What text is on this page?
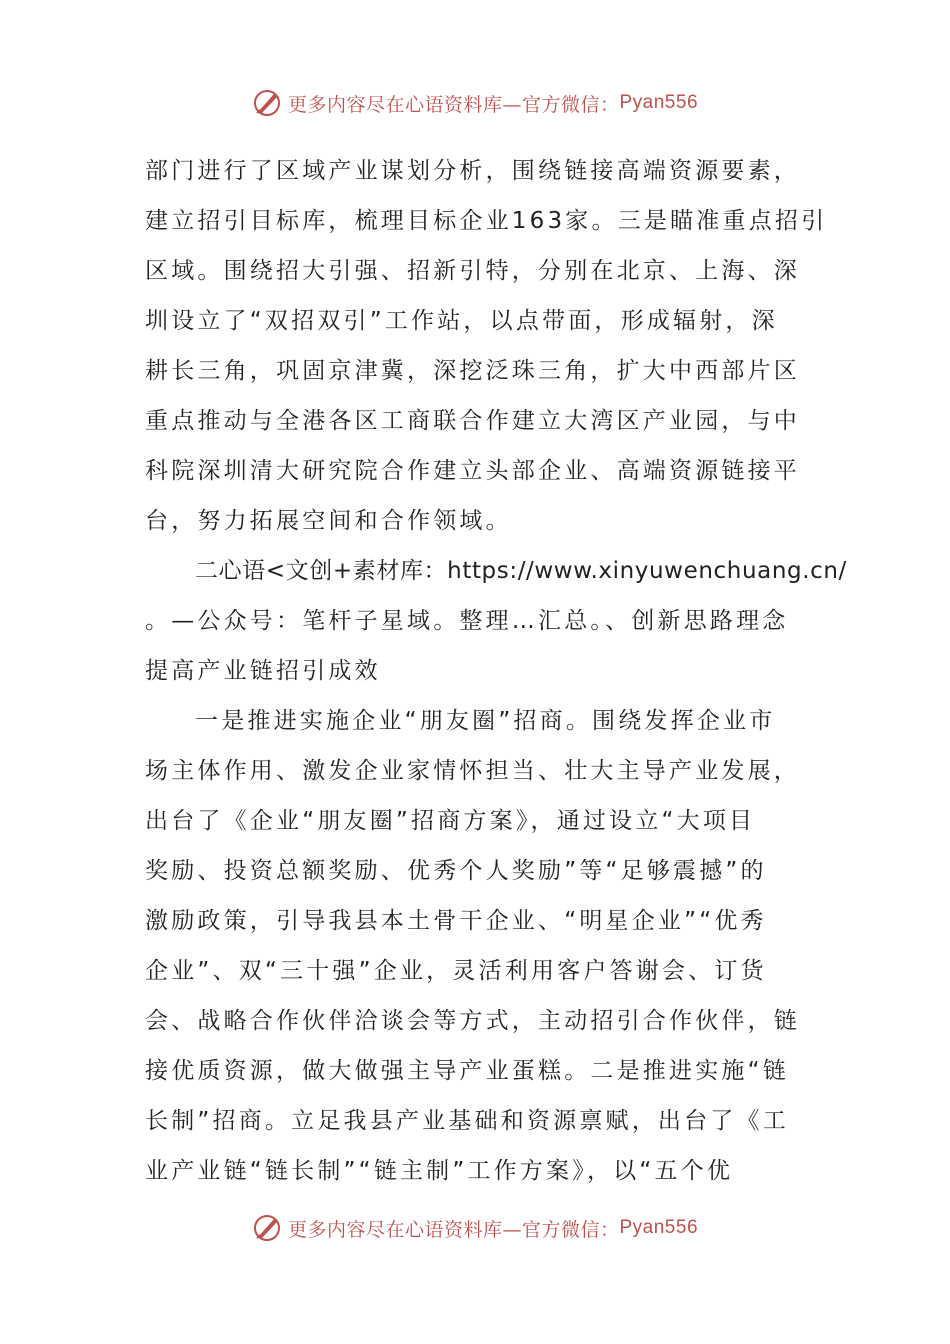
更多内容尽在心语资料库—官方微信： Pyan556
部门进行了区域产业谋划分析，围绕链接高端资源要素，
建立招引目标库，梳理目标企业163家。三是瞄准重点招引
区域。围绕招大引强、招新引特，分别在北京、上海、深
圳设立了“双招双引”工作站，以点带面，形成辐射，深
耕长三角，巩固京津冀，深挖泛珠三角，扩大中西部片区
重点推动与全港各区工商联合作建立大湾区产业园，与中
科院深圳清大研究院合作建立头部企业、高端资源链接平
台，努力拓展空间和合作领域。
二心语<文创+素材库：https://www.xinyuwenchuang.cn/
。—公众号：笔杆子星域。整理…汇总。、创新思路理念
提高产业链招引成效
一是推进实施企业“朋友圈”招商。围绕发挥企业市
场主体作用、激发企业家情怀担当、壮大主导产业发展，
出台了《企业“朋友圈”招商方案》，通过设立“大项目
奖励、投资总额奖励、优秀个人奖励”等“足够震撼”的
激励政策，引导我县本土骨干企业、“明星企业”“优秀
企业”、双“三十强”企业，灵活利用客户答谢会、订货
会、战略合作伙伴洽谈会等方式，主动招引合作伙伴，链
接优质资源，做大做强主导产业蛋糕。二是推进实施“链
长制”招商。立足我县产业基础和资源禀赋，出台了《工
业产业链“链长制”“链主制”工作方案》，以“五个优
更多内容尽在心语资料库—官方微信： Pyan556
